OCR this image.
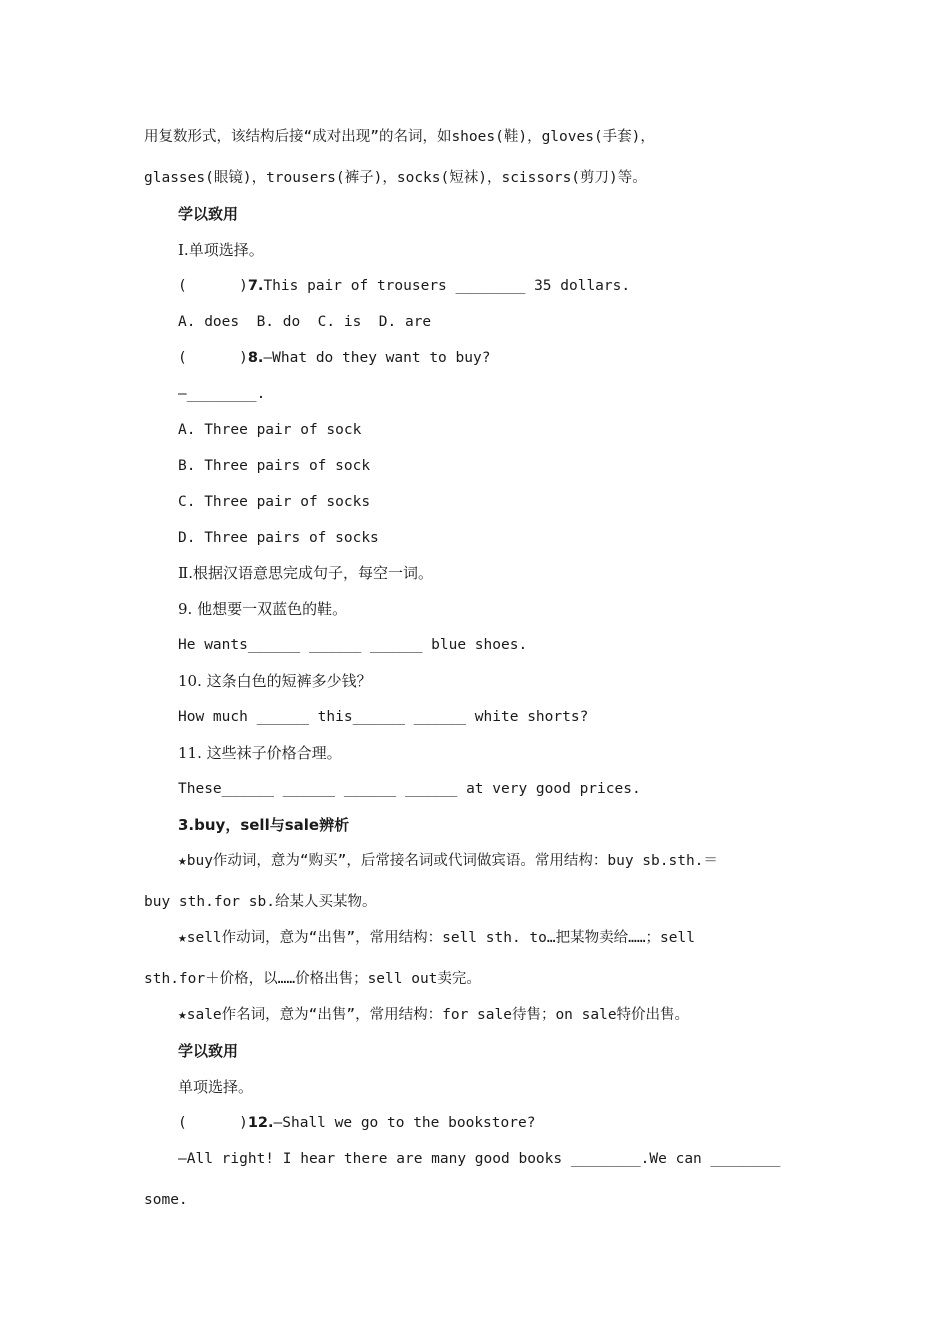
用复数形式，该结构后接“成对出现”的名词，如shoes(鞋)，gloves(手套)，
glasses(眼镜)，trousers(裤子)，socks(短袜)，scissors(剪刀)等。
学以致用
Ⅰ.单项选择。
(      )7.This pair of trousers ________ 35 dollars.
A. does  B. do  C. is  D. are
(      )8.—What do they want to buy?
—________.
A. Three pair of sock
B. Three pairs of sock
C. Three pair of socks
D. Three pairs of socks
Ⅱ.根据汉语意思完成句子，每空一词。
9. 他想要一双蓝色的鞋。
He wants______ ______ ______ blue shoes.
10. 这条白色的短裤多少钱？
How much ______ this______ ______ white shorts?
11. 这些袜子价格合理。
These______ ______ ______ ______ at very good prices.
3.buy，sell与sale辨析
★buy作动词，意为“购买”，后常接名词或代词做宾语。常用结构：buy sb.sth.＝
buy sth.for sb.给某人买某物。
★sell作动词，意为“出售”，常用结构：sell sth. to…把某物卖给……；sell
sth.for＋价格，以……价格出售；sell out卖完。
★sale作名词，意为“出售”，常用结构：for sale待售；on sale特价出售。
学以致用
单项选择。
(      )12.—Shall we go to the bookstore?
—All right! I hear there are many good books ________.We can ________
some.
